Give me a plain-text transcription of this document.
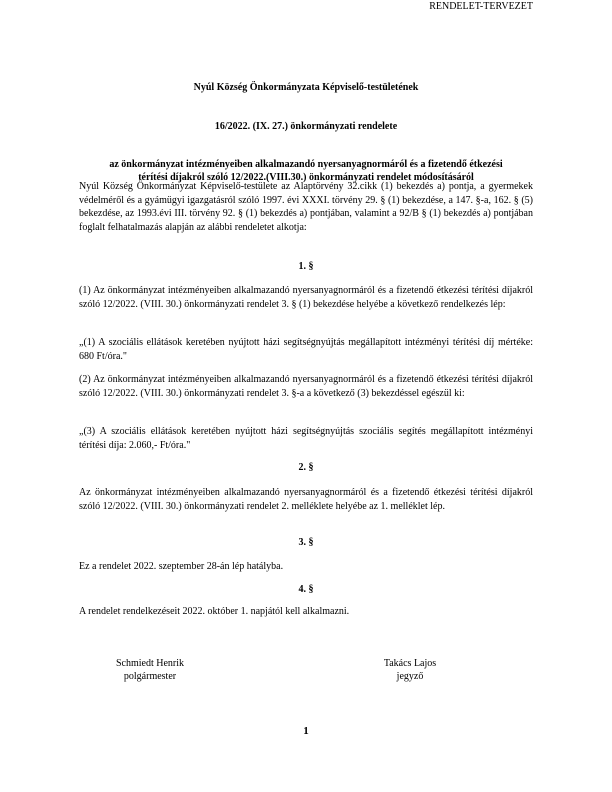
RENDELET-TERVEZET
Nyúl Község Önkormányzata Képviselő-testületének
16/2022. (IX. 27.) önkormányzati rendelete
az önkormányzat intézményeiben alkalmazandó nyersanyagnormáról és a fizetendő étkezési
térítési díjakról szóló 12/2022.(VIII.30.) önkormányzati rendelet módosításáról
Nyúl Község Önkormányzat Képviselő-testülete az Alaptörvény 32.cikk (1) bekezdés a) pontja, a gyermekek védelméről és a gyámügyi igazgatásról szóló 1997. évi XXXI. törvény 29. § (1) bekezdése, a 147. §-a, 162. § (5) bekezdése, az 1993.évi III. törvény 92. § (1) bekezdés a) pontjában, valamint a 92/B § (1) bekezdés a) pontjában foglalt felhatalmazás alapján az alábbi rendeletet alkotja:
1. §
(1) Az önkormányzat intézményeiben alkalmazandó nyersanyagnormáról és a fizetendő étkezési térítési díjakról szóló 12/2022. (VIII. 30.) önkormányzati rendelet 3. § (1) bekezdése helyébe a következő rendelkezés lép:
„(1) A szociális ellátások keretében nyújtott házi segítségnyújtás megállapított intézményi térítési díj mértéke: 680 Ft/óra."
(2) Az önkormányzat intézményeiben alkalmazandó nyersanyagnormáról és a fizetendő étkezési térítési díjakról szóló 12/2022. (VIII. 30.) önkormányzati rendelet 3. §-a a következő (3) bekezdéssel egészül ki:
„(3) A szociális ellátások keretében nyújtott házi segítségnyújtás szociális segítés megállapított intézményi térítési díja: 2.060,- Ft/óra."
2. §
Az önkormányzat intézményeiben alkalmazandó nyersanyagnormáról és a fizetendő étkezési térítési díjakról szóló 12/2022. (VIII. 30.) önkormányzati rendelet 2. melléklete helyébe az 1. melléklet lép.
3. §
Ez a rendelet 2022. szeptember 28-án lép hatályba.
4. §
A rendelet rendelkezéseit 2022. október 1. napjától kell alkalmazni.
Schmiedt Henrik
polgármester
Takács Lajos
jegyző
1
